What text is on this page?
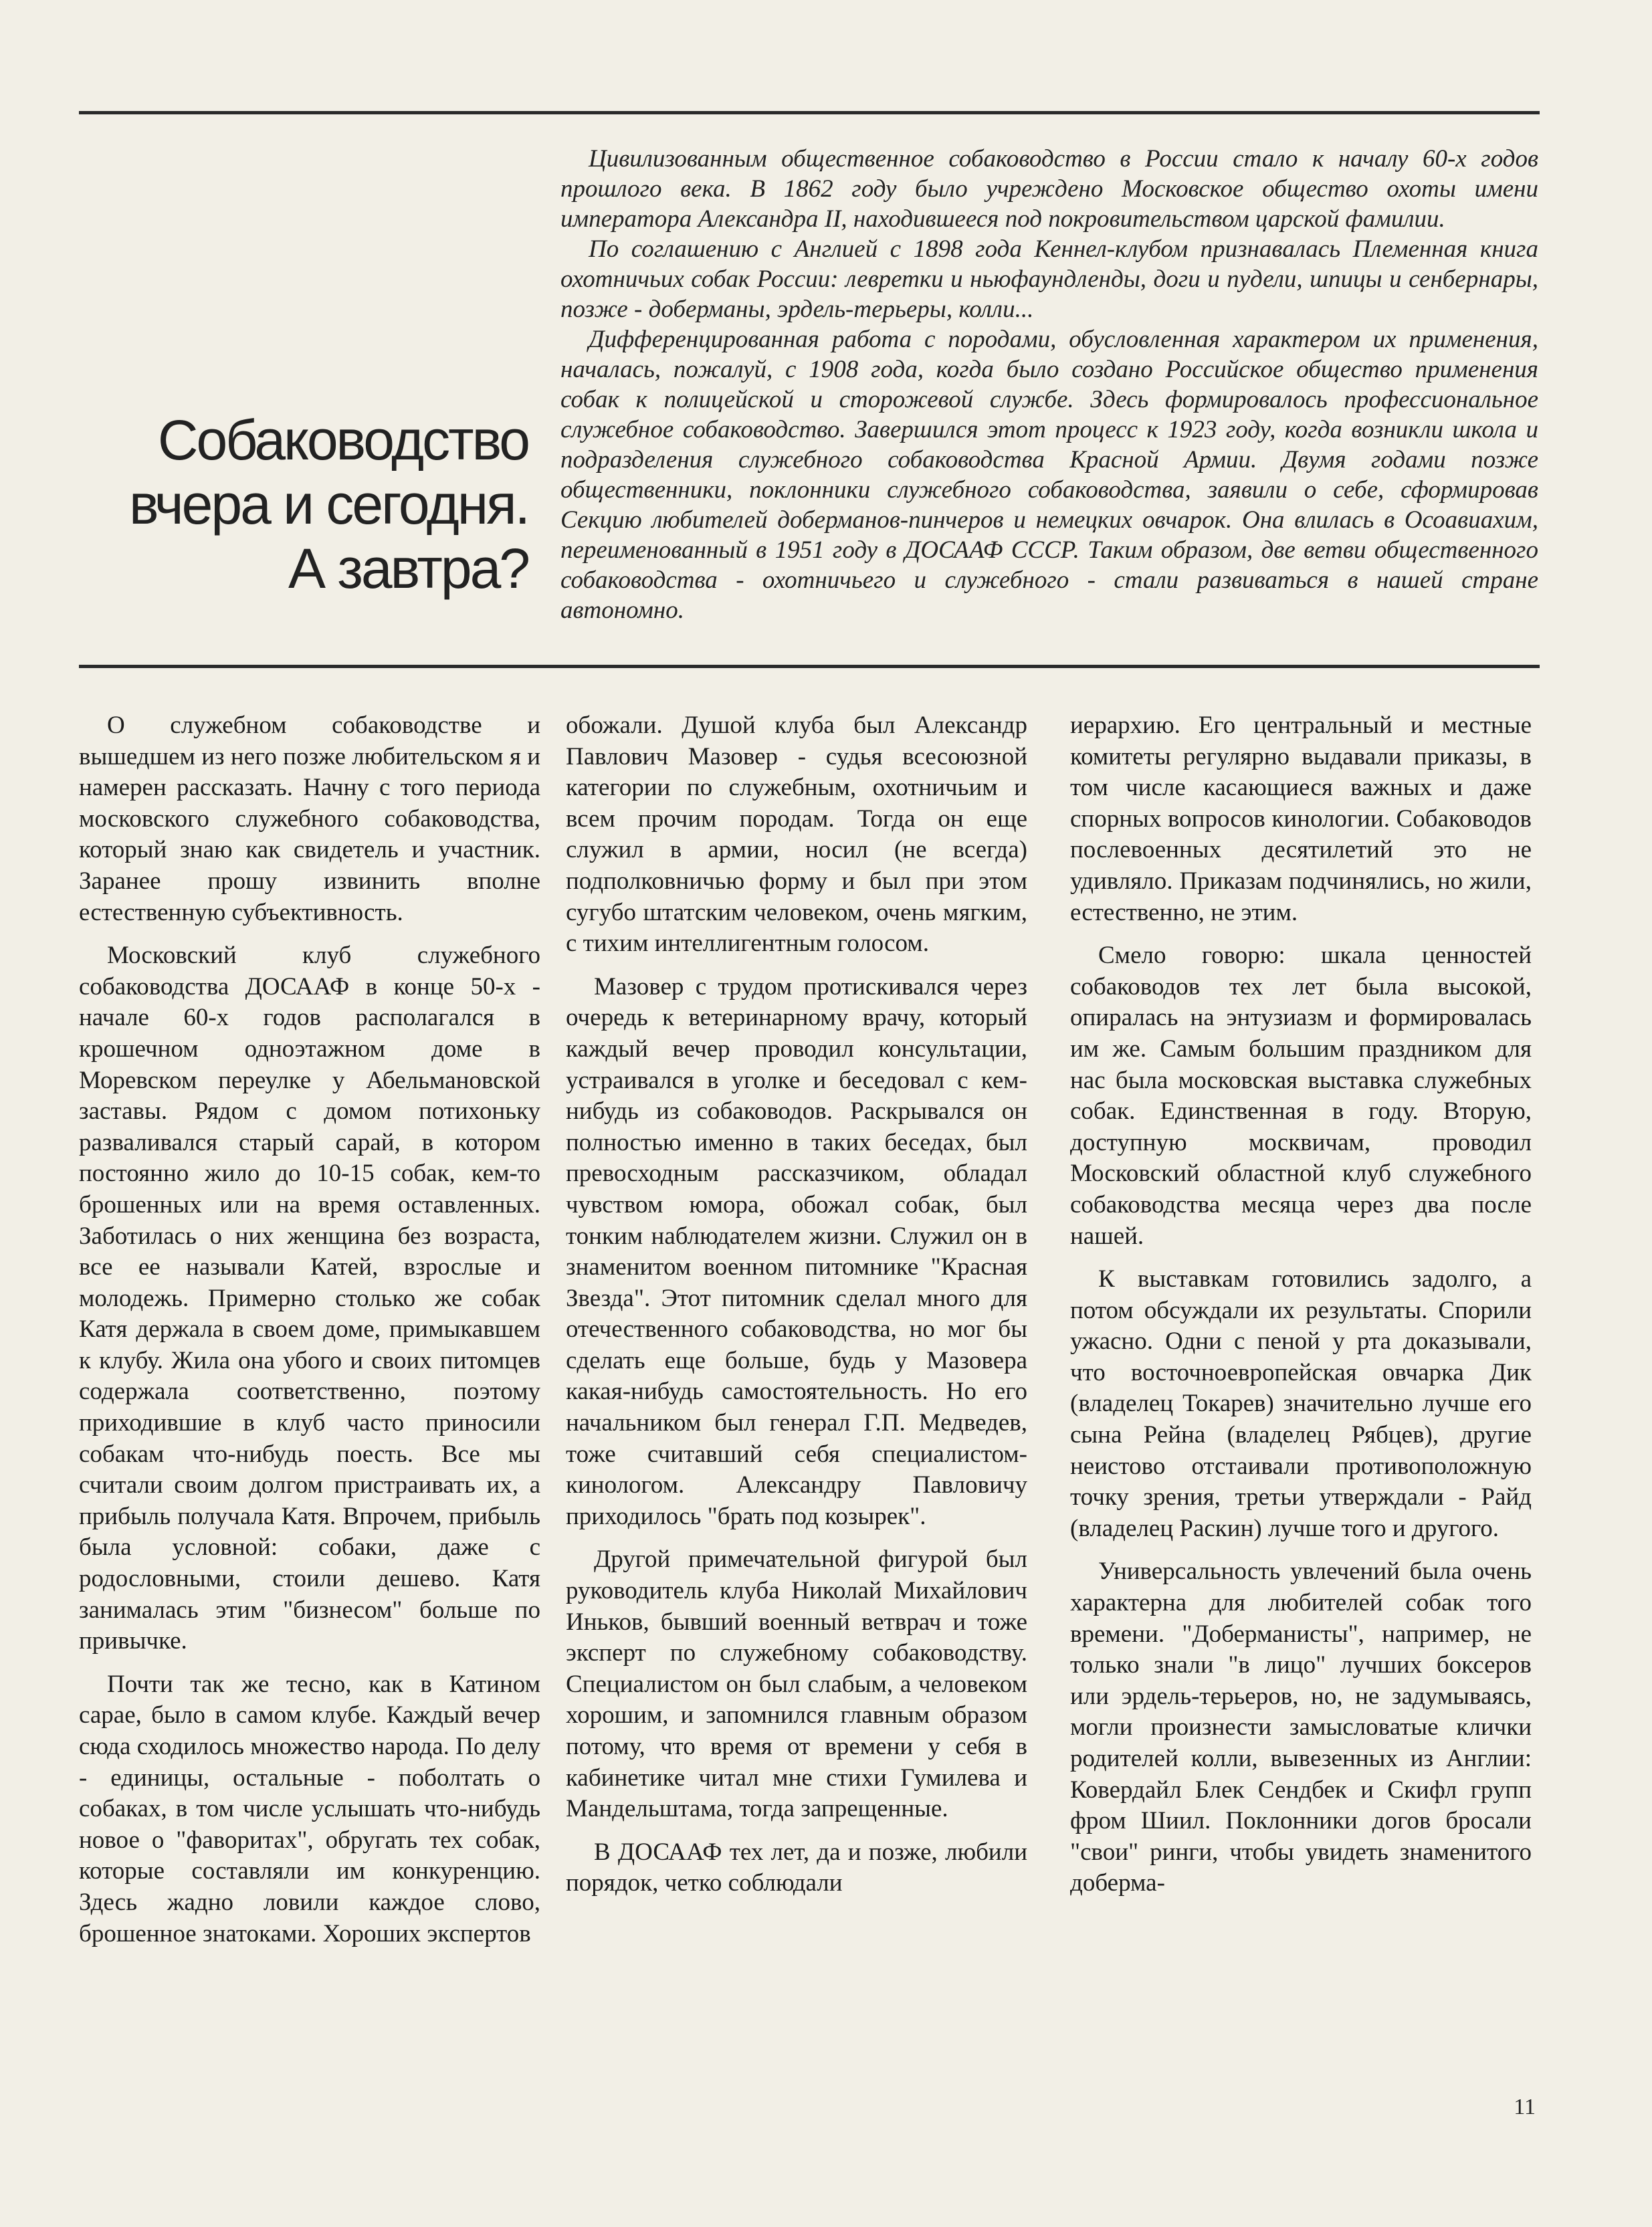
Собаководство
вчера и сегодня.
А завтра?

Цивилизованным общественное собаководство в России стало к началу 60-х годов прошлого века. В 1862 году было учреждено Московское общество охоты имени императора Александра II, находившееся под покровительством царской фамилии.

По соглашению с Англией с 1898 года Кеннел-клубом признавалась Племенная книга охотничьих собак России: левретки и ньюфаундленды, доги и пудели, шпицы и сенбернары, позже - доберманы, эрдель-терьеры, колли...

Дифференцированная работа с породами, обусловленная характером их применения, началась, пожалуй, с 1908 года, когда было создано Российское общество применения собак к полицейской и сторожевой службе. Здесь формировалось профессиональное служебное собаководство. Завершился этот процесс к 1923 году, когда возникли школа и подразделения служебного собаководства Красной Армии. Двумя годами позже общественники, поклонники служебного собаководства, заявили о себе, сформировав Секцию любителей доберманов-пинчеров и немецких овчарок. Она влилась в Осоавиахим, переименованный в 1951 году в ДОСААФ СССР. Таким образом, две ветви общественного собаководства - охотничьего и служебного - стали развиваться в нашей стране автономно.

О служебном собаководстве и вышедшем из него позже любительском я и намерен рассказать. Начну с того периода московского служебного собаководства, который знаю как свидетель и участник. Заранее прошу извинить вполне естественную субъективность.

Московский клуб служебного собаководства ДОСААФ в конце 50-х - начале 60-х годов располагался в крошечном одноэтажном доме в Моревском переулке у Абельмановской заставы. Рядом с домом потихоньку разваливался старый сарай, в котором постоянно жило до 10-15 собак, кем-то брошенных или на время оставленных. Заботилась о них женщина без возраста, все ее называли Катей, взрослые и молодежь. Примерно столько же собак Катя держала в своем доме, примыкавшем к клубу. Жила она убого и своих питомцев содержала соответственно, поэтому приходившие в клуб часто приносили собакам что-нибудь поесть. Все мы считали своим долгом пристраивать их, а прибыль получала Катя. Впрочем, прибыль была условной: собаки, даже с родословными, стоили дешево. Катя занималась этим "бизнесом" больше по привычке.

Почти так же тесно, как в Катином сарае, было в самом клубе. Каждый вечер сюда сходилось множество народа. По делу - единицы, остальные - поболтать о собаках, в том числе услышать что-нибудь новое о "фаворитах", обругать тех собак, которые составляли им конкуренцию. Здесь жадно ловили каждое слово, брошенное знатоками. Хороших экспертов

обожали. Душой клуба был Александр Павлович Мазовер - судья всесоюзной категории по служебным, охотничьим и всем прочим породам. Тогда он еще служил в армии, носил (не всегда) подполковничью форму и был при этом сугубо штатским человеком, очень мягким, с тихим интеллигентным голосом.

Мазовер с трудом протискивался через очередь к ветеринарному врачу, который каждый вечер проводил консультации, устраивался в уголке и беседовал с кем-нибудь из собаководов. Раскрывался он полностью именно в таких беседах, был превосходным рассказчиком, обладал чувством юмора, обожал собак, был тонким наблюдателем жизни. Служил он в знаменитом военном питомнике "Красная Звезда". Этот питомник сделал много для отечественного собаководства, но мог бы сделать еще больше, будь у Мазовера какая-нибудь самостоятельность. Но его начальником был генерал Г.П. Медведев, тоже считавший себя специалистом-кинологом. Александру Павловичу приходилось "брать под козырек".

Другой примечательной фигурой был руководитель клуба Николай Михайлович Иньков, бывший военный ветврач и тоже эксперт по служебному собаководству. Специалистом он был слабым, а человеком хорошим, и запомнился главным образом потому, что время от времени у себя в кабинетике читал мне стихи Гумилева и Мандельштама, тогда запрещенные.

В ДОСААФ тех лет, да и позже, любили порядок, четко соблюдали

иерархию. Его центральный и местные комитеты регулярно выдавали приказы, в том числе касающиеся важных и даже спорных вопросов кинологии. Собаководов послевоенных десятилетий это не удивляло. Приказам подчинялись, но жили, естественно, не этим.

Смело говорю: шкала ценностей собаководов тех лет была высокой, опиралась на энтузиазм и формировалась им же. Самым большим праздником для нас была московская выставка служебных собак. Единственная в году. Вторую, доступную москвичам, проводил Московский областной клуб служебного собаководства месяца через два после нашей.

К выставкам готовились задолго, а потом обсуждали их результаты. Спорили ужасно. Одни с пеной у рта доказывали, что восточноевропейская овчарка Дик (владелец Токарев) значительно лучше его сына Рейна (владелец Рябцев), другие неистово отстаивали противоположную точку зрения, третьи утверждали - Райд (владелец Раскин) лучше того и другого.

Универсальность увлечений была очень характерна для любителей собак того времени. "Доберманисты", например, не только знали "в лицо" лучших боксеров или эрдель-терьеров, но, не задумываясь, могли произнести замысловатые клички родителей колли, вывезенных из Англии: Ковердайл Блек Сендбек и Скифл групп фром Шиил. Поклонники догов бросали "свои" ринги, чтобы увидеть знаменитого доберма-

11
